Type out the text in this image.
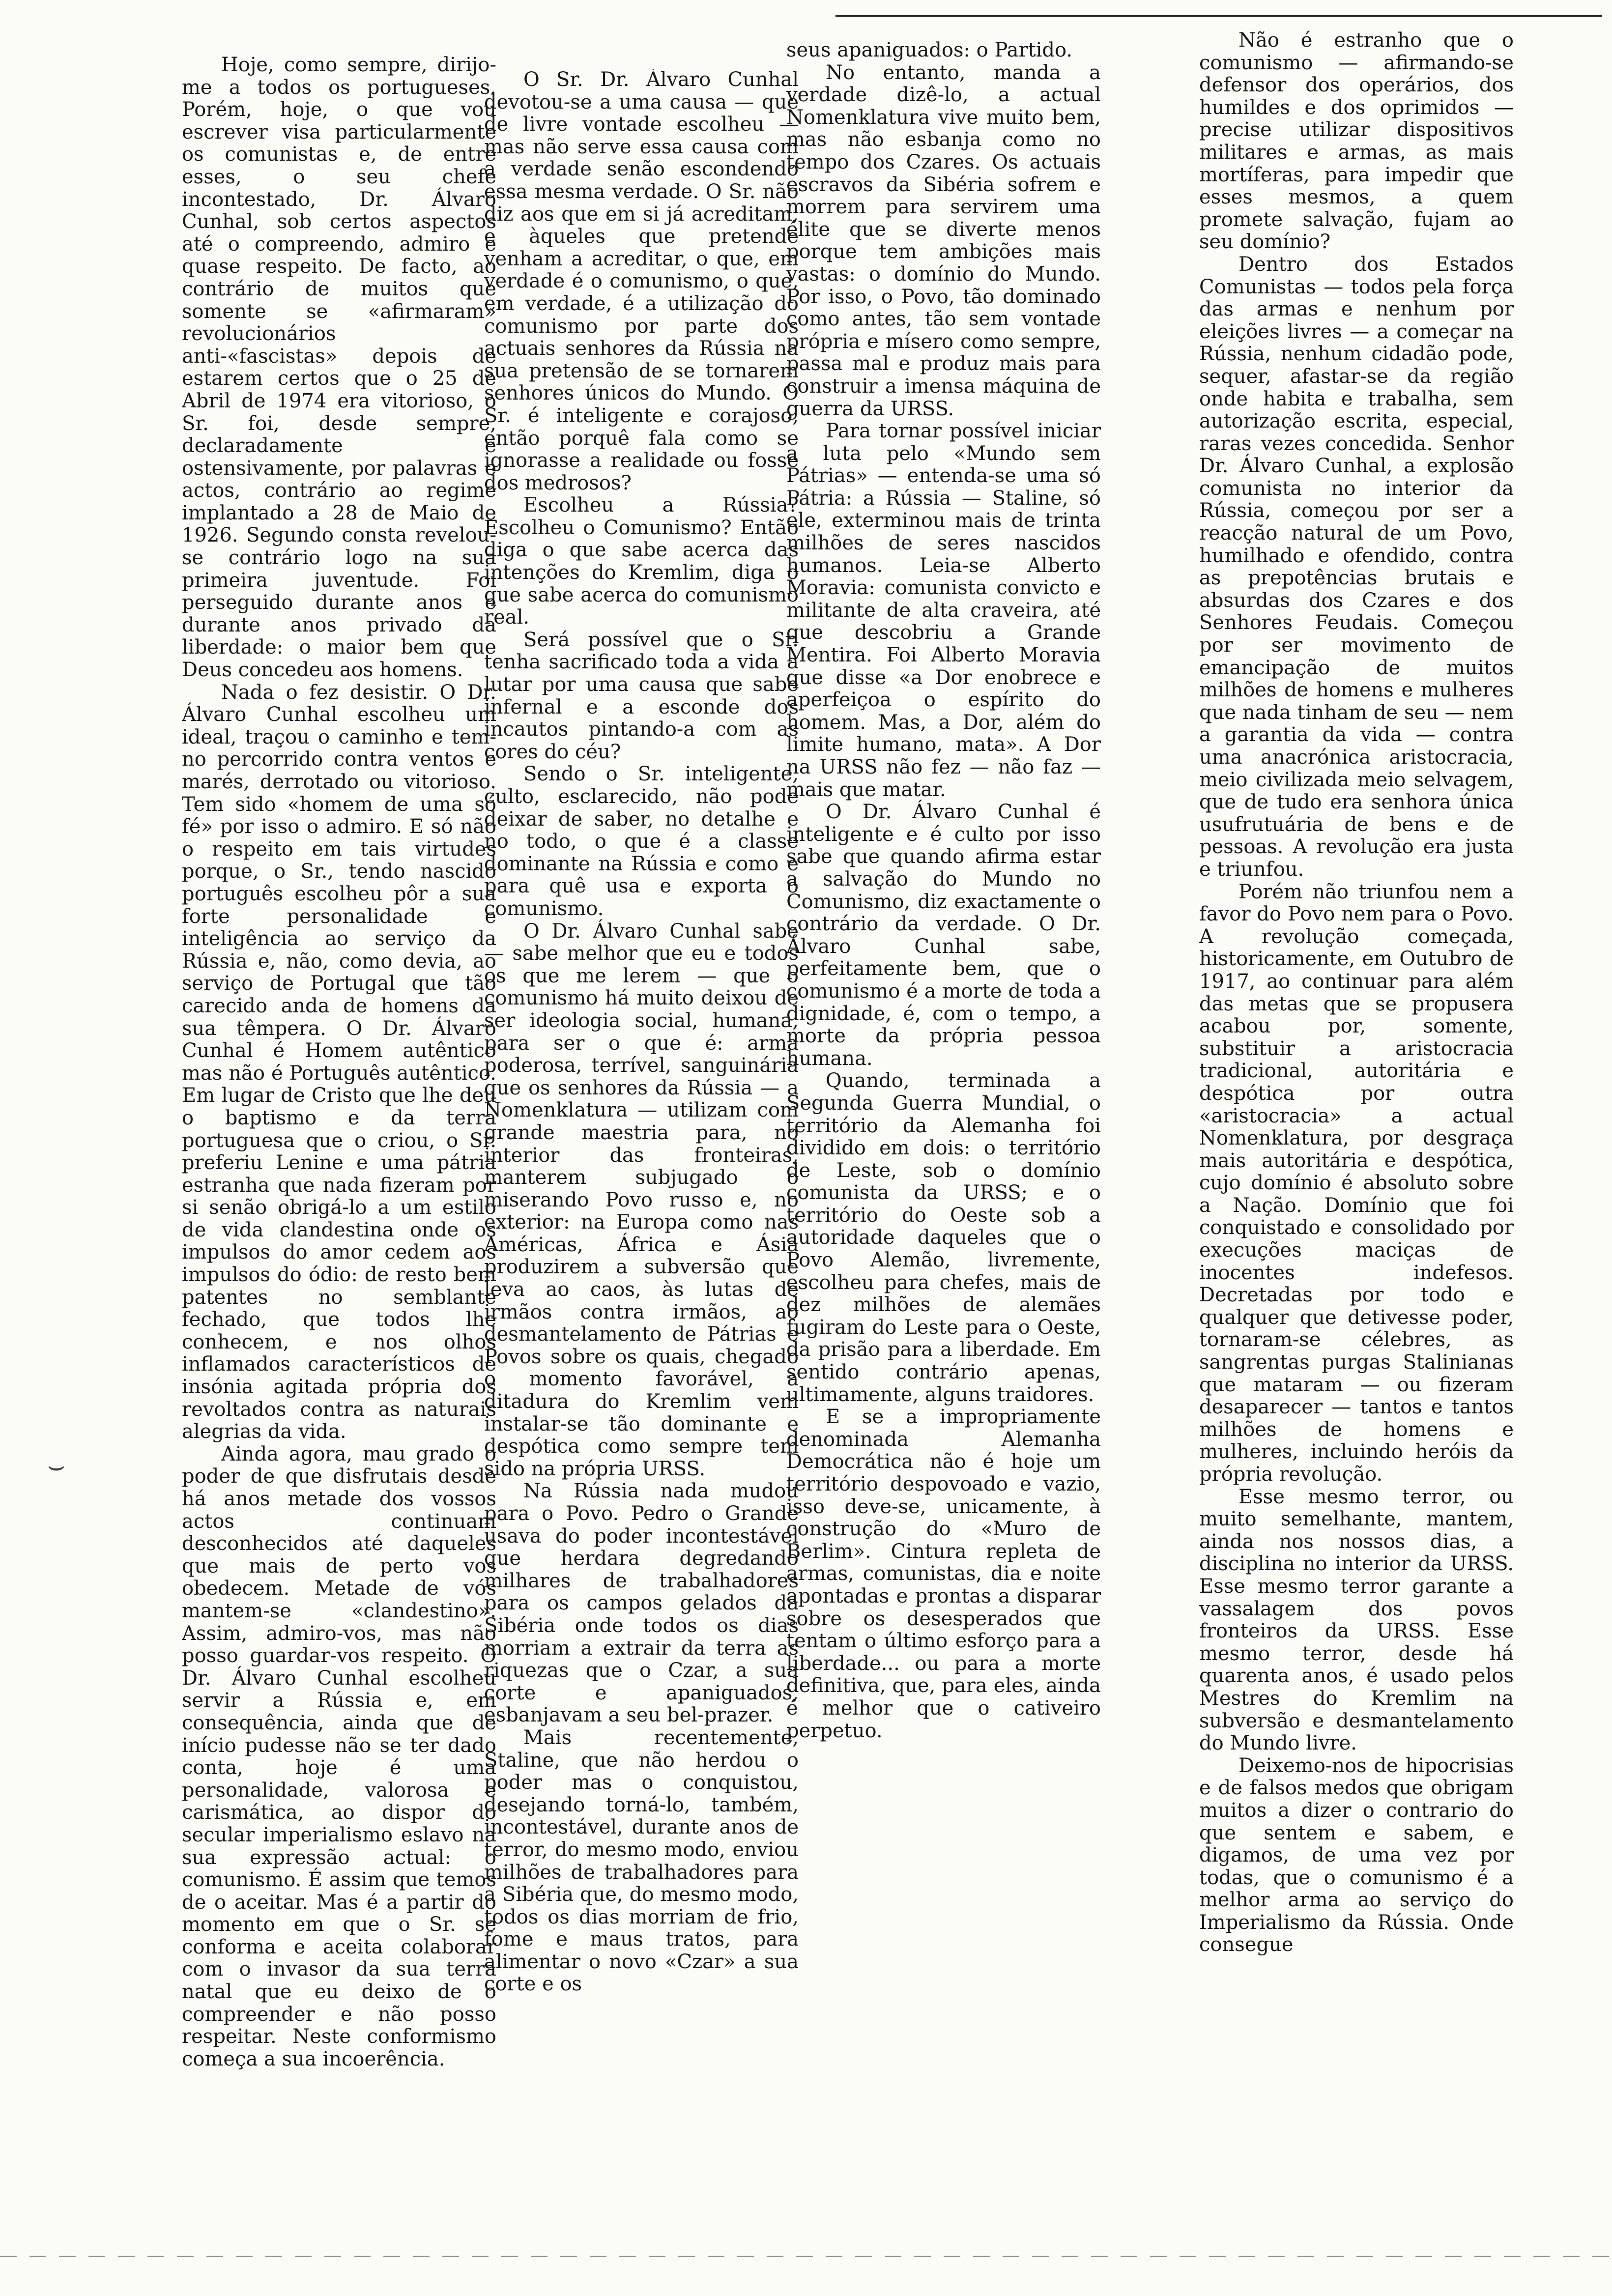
Hoje, como sempre, dirijo-me a todos os portugueses. Porém, hoje, o que vou escrever visa particularmente os comunistas e, de entre esses, o seu chefe incontestado, Dr. Álvaro Cunhal, sob certos aspectos até o compreendo, admiro e quase respeito. De facto, ao contrário de muitos que somente se «afirmaram» revolucionários anti-«fascistas» depois de estarem certos que o 25 de Abril de 1974 era vitorioso, o Sr. foi, desde sempre, declaradamente e ostensivamente, por palavras e actos, contrário ao regime implantado a 28 de Maio de 1926. Segundo consta revelou-se contrário logo na sua primeira juventude. Foi perseguido durante anos e durante anos privado da liberdade: o maior bem que Deus concedeu aos homens.

Nada o fez desistir. O Dr. Álvaro Cunhal escolheu um ideal, traçou o caminho e tem-no percorrido contra ventos e marés, derrotado ou vitorioso. Tem sido «homem de uma só fé» por isso o admiro. E só não o respeito em tais virtudes porque, o Sr., tendo nascido português escolheu pôr a sua forte personalidade e inteligência ao serviço da Rússia e, não, como devia, ao serviço de Portugal que tão carecido anda de homens da sua têmpera. O Dr. Álvaro Cunhal é Homem autêntico mas não é Português autêntico. Em lugar de Cristo que lhe deu o baptismo e da terra portuguesa que o criou, o Sr. preferiu Lenine e uma pátria estranha que nada fizeram por si senão obrigá-lo a um estilo de vida clandestina onde os impulsos do amor cedem aos impulsos do ódio: de resto bem patentes no semblante fechado, que todos lhe conhecem, e nos olhos inflamados característicos de insónia agitada própria dos revoltados contra as naturais alegrias da vida.

Ainda agora, mau grado o poder de que disfrutais desde há anos metade dos vossos actos continuam desconhecidos até daqueles que mais de perto vos obedecem. Metade de vós mantem-se «clandestino». Assim, admiro-vos, mas não posso guardar-vos respeito. O Dr. Álvaro Cunhal escolheu servir a Rússia e, em consequência, ainda que de início pudesse não se ter dado conta, hoje é uma personalidade, valorosa e carismática, ao dispor do secular imperialismo eslavo na sua expressão actual: o comunismo. É assim que temos de o aceitar. Mas é a partir do momento em que o Sr. se conforma e aceita colaborar com o invasor da sua terra natal que eu deixo de o compreender e não posso respeitar. Neste conformismo começa a sua incoerência.

O Sr. Dr. Álvaro Cunhal devotou-se a uma causa — que de livre vontade escolheu — mas não serve essa causa com a verdade senão escondendo essa mesma verdade. O Sr. não diz aos que em si já acreditam, e àqueles que pretende venham a acreditar, o que, em verdade é o comunismo, o que, em verdade, é a utilização do comunismo por parte dos actuais senhores da Rússia na sua pretensão de se tornarem senhores únicos do Mundo. O Sr. é inteligente e corajoso, então porquê fala como se ignorasse a realidade ou fosse dos medrosos?

Escolheu a Rússia? Escolheu o Comunismo? Então diga o que sabe acerca das intenções do Kremlim, diga o que sabe acerca do comunismo real.

Será possível que o Sr. tenha sacrificado toda a vida a lutar por uma causa que sabe infernal e a esconde dos incautos pintando-a com as cores do céu?

Sendo o Sr. inteligente, culto, esclarecido, não pode deixar de saber, no detalhe e no todo, o que é a classe dominante na Rússia e como e para quê usa e exporta o comunismo.

O Dr. Álvaro Cunhal sabe — sabe melhor que eu e todos os que me lerem — que o comunismo há muito deixou de ser ideologia social, humana, para ser o que é: arma poderosa, terrível, sanguinária que os senhores da Rússia — a Nomenklatura — utilizam com grande maestria para, no interior das fronteiras, manterem subjugado o miserando Povo russo e, no exterior: na Europa como nas Américas, África e Ásia produzirem a subversão que leva ao caos, às lutas de irmãos contra irmãos, ao desmantelamento de Pátrias e Povos sobre os quais, chegado o momento favorável, a ditadura do Kremlim vem instalar-se tão dominante e despótica como sempre tem sido na própria URSS.

Na Rússia nada mudou para o Povo. Pedro o Grande usava do poder incontestável que herdara degredando milhares de trabalhadores para os campos gelados da Sibéria onde todos os dias morriam a extrair da terra as riquezas que o Czar, a sua corte e apaniguados, esbanjavam a seu bel-prazer.

Mais recentemente, Staline, que não herdou o poder mas o conquistou, desejando torná-lo, também, incontestável, durante anos de terror, do mesmo modo, enviou milhões de trabalhadores para a Sibéria que, do mesmo modo, todos os dias morriam de frio, fome e maus tratos, para alimentar o novo «Czar» a sua corte e os

seus apaniguados: o Partido.

No entanto, manda a verdade dizê-lo, a actual Nomenklatura vive muito bem, mas não esbanja como no tempo dos Czares. Os actuais escravos da Sibéria sofrem e morrem para servirem uma élite que se diverte menos porque tem ambições mais vastas: o domínio do Mundo. Por isso, o Povo, tão dominado como antes, tão sem vontade própria e mísero como sempre, passa mal e produz mais para construir a imensa máquina de guerra da URSS.

Para tornar possível iniciar a luta pelo «Mundo sem Pátrias» — entenda-se uma só Pátria: a Rússia — Staline, só ele, exterminou mais de trinta milhões de seres nascidos humanos. Leia-se Alberto Moravia: comunista convicto e militante de alta craveira, até que descobriu a Grande Mentira. Foi Alberto Moravia que disse «a Dor enobrece e aperfeiçoa o espírito do homem. Mas, a Dor, além do limite humano, mata». A Dor na URSS não fez — não faz — mais que matar.

O Dr. Álvaro Cunhal é inteligente e é culto por isso sabe que quando afirma estar a salvação do Mundo no Comunismo, diz exactamente o contrário da verdade. O Dr. Álvaro Cunhal sabe, perfeitamente bem, que o comunismo é a morte de toda a dignidade, é, com o tempo, a morte da própria pessoa humana.

Quando, terminada a Segunda Guerra Mundial, o território da Alemanha foi dividido em dois: o território de Leste, sob o domínio comunista da URSS; e o território do Oeste sob a autoridade daqueles que o Povo Alemão, livremente, escolheu para chefes, mais de dez milhões de alemães fugiram do Leste para o Oeste, da prisão para a liberdade. Em sentido contrário apenas, ultimamente, alguns traidores.

E se a impropriamente denominada Alemanha Democrática não é hoje um território despovoado e vazio, isso deve-se, unicamente, à construção do «Muro de Berlim». Cintura repleta de armas, comunistas, dia e noite apontadas e prontas a disparar sobre os desesperados que tentam o último esforço para a liberdade... ou para a morte definitiva, que, para eles, ainda é melhor que o cativeiro perpetuo.

Não é estranho que o comunismo — afirmando-se defensor dos operários, dos humildes e dos oprimidos — precise utilizar dispositivos militares e armas, as mais mortíferas, para impedir que esses mesmos, a quem promete salvação, fujam ao seu domínio?

Dentro dos Estados Comunistas — todos pela força das armas e nenhum por eleições livres — a começar na Rússia, nenhum cidadão pode, sequer, afastar-se da região onde habita e trabalha, sem autorização escrita, especial, raras vezes concedida. Senhor Dr. Álvaro Cunhal, a explosão comunista no interior da Rússia, começou por ser a reacção natural de um Povo, humilhado e ofendido, contra as prepotências brutais e absurdas dos Czares e dos Senhores Feudais. Começou por ser movimento de emancipação de muitos milhões de homens e mulheres que nada tinham de seu — nem a garantia da vida — contra uma anacrónica aristocracia, meio civilizada meio selvagem, que de tudo era senhora única usufrutuária de bens e de pessoas. A revolução era justa e triunfou.

Porém não triunfou nem a favor do Povo nem para o Povo. A revolução começada, historicamente, em Outubro de 1917, ao continuar para além das metas que se propusera acabou por, somente, substituir a aristocracia tradicional, autoritária e despótica por outra «aristocracia» a actual Nomenklatura, por desgraça mais autoritária e despótica, cujo domínio é absoluto sobre a Nação. Domínio que foi conquistado e consolidado por execuções maciças de inocentes indefesos. Decretadas por todo e qualquer que detivesse poder, tornaram-se célebres, as sangrentas purgas Stalinianas que mataram — ou fizeram desaparecer — tantos e tantos milhões de homens e mulheres, incluindo heróis da própria revolução.

Esse mesmo terror, ou muito semelhante, mantem, ainda nos nossos dias, a disciplina no interior da URSS. Esse mesmo terror garante a vassalagem dos povos fronteiros da URSS. Esse mesmo terror, desde há quarenta anos, é usado pelos Mestres do Kremlim na subversão e desmantelamento do Mundo livre.

Deixemo-nos de hipocrisias e de falsos medos que obrigam muitos a dizer o contrario do que sentem e sabem, e digamos, de uma vez por todas, que o comunismo é a melhor arma ao serviço do Imperialismo da Rússia. Onde consegue

⌣
